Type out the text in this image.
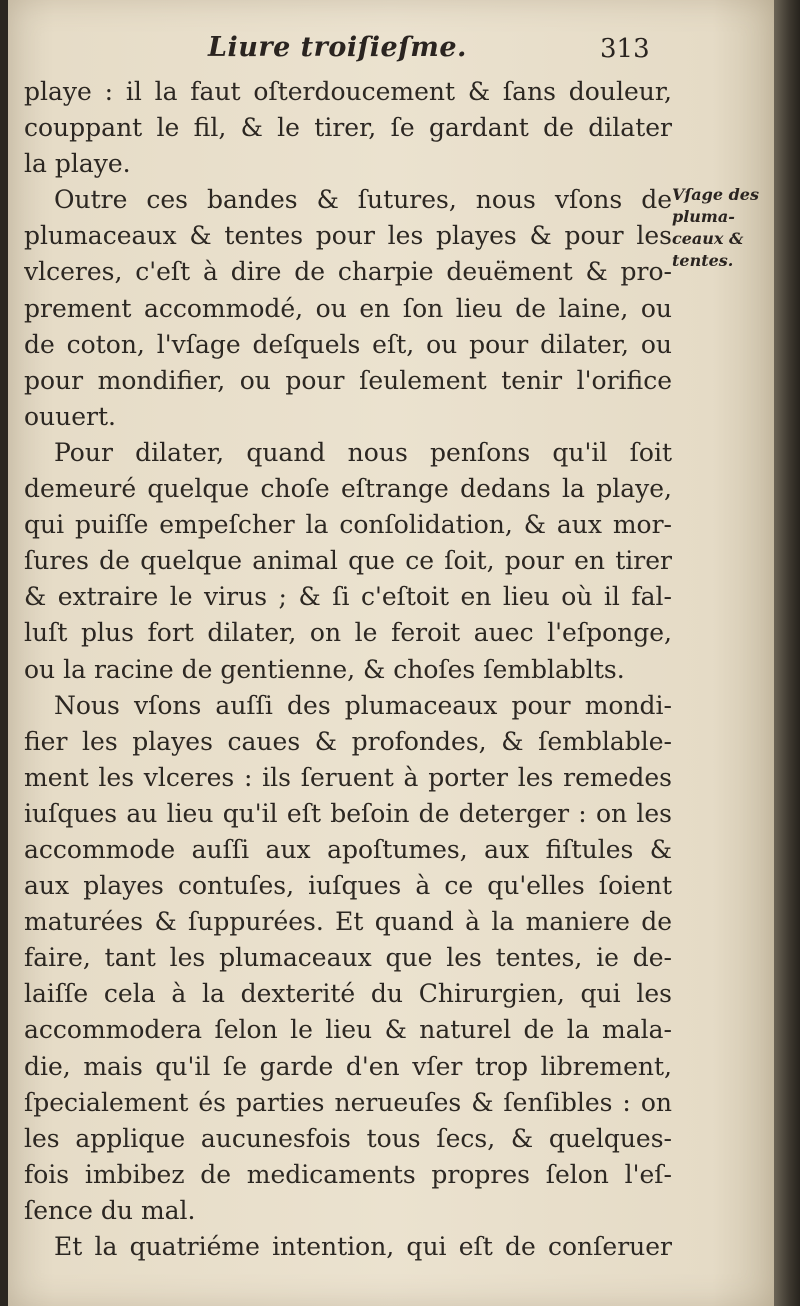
Liure troiſieſme.	313
playe : il la faut oſterdoucement & ſans douleur,
couppant le fil, & le tirer, ſe gardant de dilater
la playe.
Outre ces bandes & ſutures, nous vſons de
plumaceaux & tentes pour les playes & pour les
vlceres, c'eſt à dire de charpie deuëment & pro-
prement accommodé, ou en ſon lieu de laine, ou
de coton, l'vſage deſquels eſt, ou pour dilater, ou
pour mondifier, ou pour ſeulement tenir l'orifice
ouuert.
Pour dilater, quand nous penſons qu'il ſoit
demeuré quelque choſe eſtrange dedans la playe,
qui puiſſe empeſcher la conſolidation, & aux mor-
ſures de quelque animal que ce ſoit, pour en tirer
& extraire le virus ; & ſi c'eſtoit en lieu où il fal-
luſt plus fort dilater, on le feroit auec l'eſponge,
ou la racine de gentienne, & choſes ſemblablts.
Nous vſons auſſi des plumaceaux pour mondi-
fier les playes caues & profondes, & ſemblable-
ment les vlceres : ils ſeruent à porter les remedes
iuſques au lieu qu'il eſt beſoin de deterger : on les
accommode auſſi aux apoſtumes, aux fiſtules &
aux playes contuſes, iuſques à ce qu'elles ſoient
maturées & ſuppurées. Et quand à la maniere de
faire, tant les plumaceaux que les tentes, ie de-
laiſſe cela à la dexterité du Chirurgien, qui les
accommodera ſelon le lieu & naturel de la mala-
die, mais qu'il ſe garde d'en vſer trop librement,
ſpecialement és parties nerueuſes & ſenſibles : on
les applique aucunesfois tous ſecs, & quelques-
fois imbibez de medicaments propres ſelon l'eſ-
ſence du mal.
Et la quatriéme intention, qui eſt de conſeruer
Vſage des
pluma-
ceaux &
tentes.
